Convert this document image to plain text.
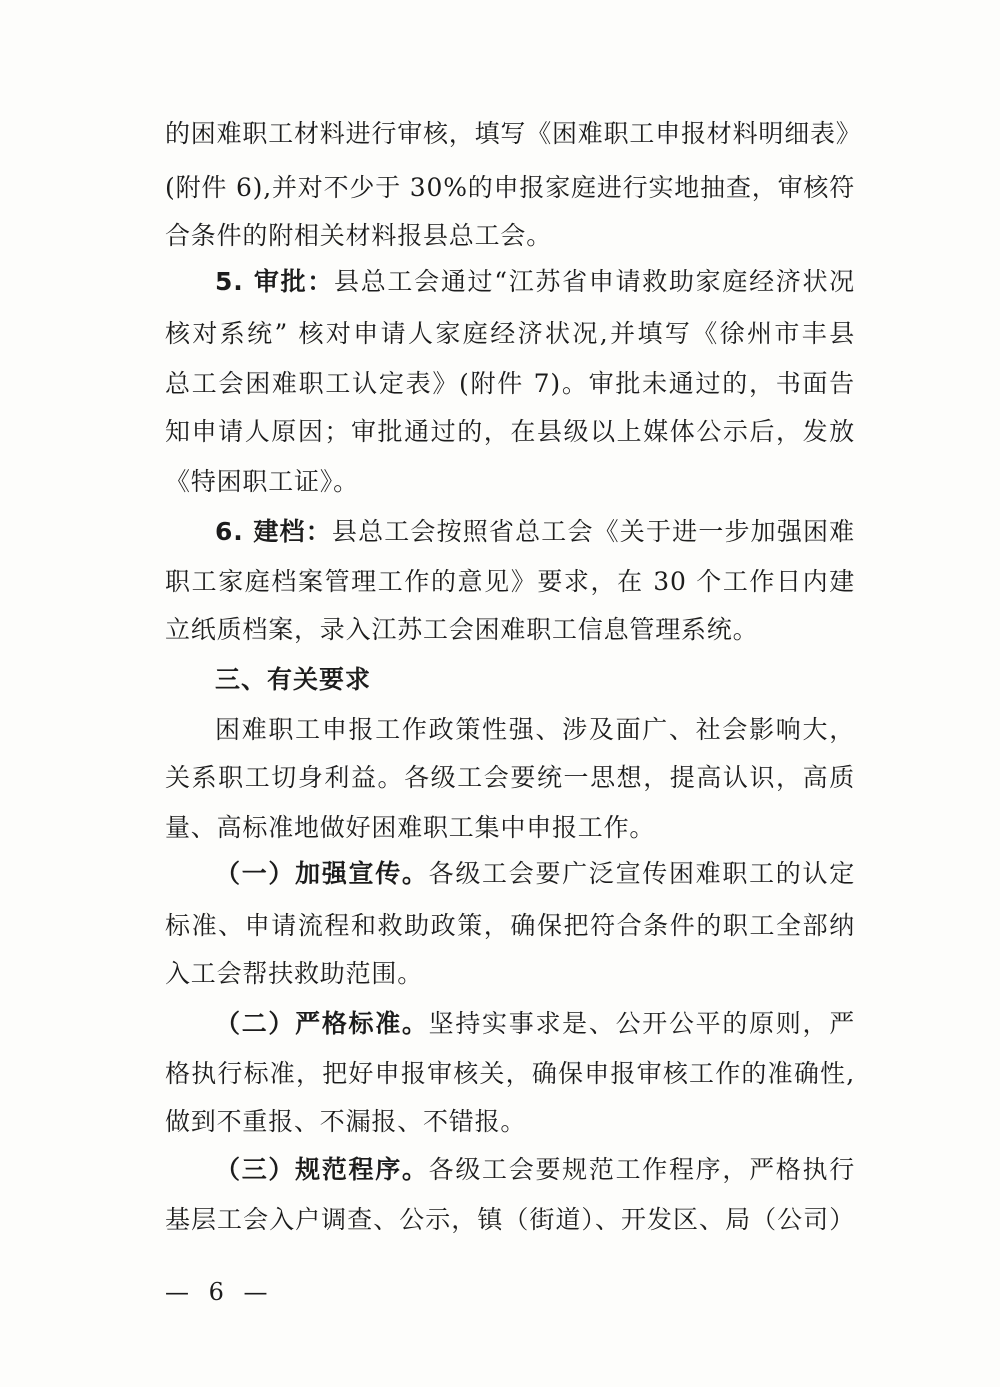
的困难职工材料进行审核，填写《困难职工申报材料明细表》
(附件 6),并对不少于 30%的申报家庭进行实地抽查，审核符
合条件的附相关材料报县总工会。
5. 审批：县总工会通过“江苏省申请救助家庭经济状况
核对系统” 核对申请人家庭经济状况,并填写《徐州市丰县
总工会困难职工认定表》(附件 7)。审批未通过的，书面告
知申请人原因；审批通过的，在县级以上媒体公示后，发放
《特困职工证》。
6. 建档：县总工会按照省总工会《关于进一步加强困难
职工家庭档案管理工作的意见》要求，在 30 个工作日内建
立纸质档案，录入江苏工会困难职工信息管理系统。
三、有关要求
困难职工申报工作政策性强、涉及面广、社会影响大，
关系职工切身利益。各级工会要统一思想，提高认识，高质
量、高标准地做好困难职工集中申报工作。
（一）加强宣传。各级工会要广泛宣传困难职工的认定
标准、申请流程和救助政策，确保把符合条件的职工全部纳
入工会帮扶救助范围。
（二）严格标准。坚持实事求是、公开公平的原则，严
格执行标准，把好申报审核关，确保申报审核工作的准确性,
做到不重报、不漏报、不错报。
（三）规范程序。各级工会要规范工作程序，严格执行
基层工会入户调查、公示，镇（街道）、开发区、局（公司）
— 6 —
